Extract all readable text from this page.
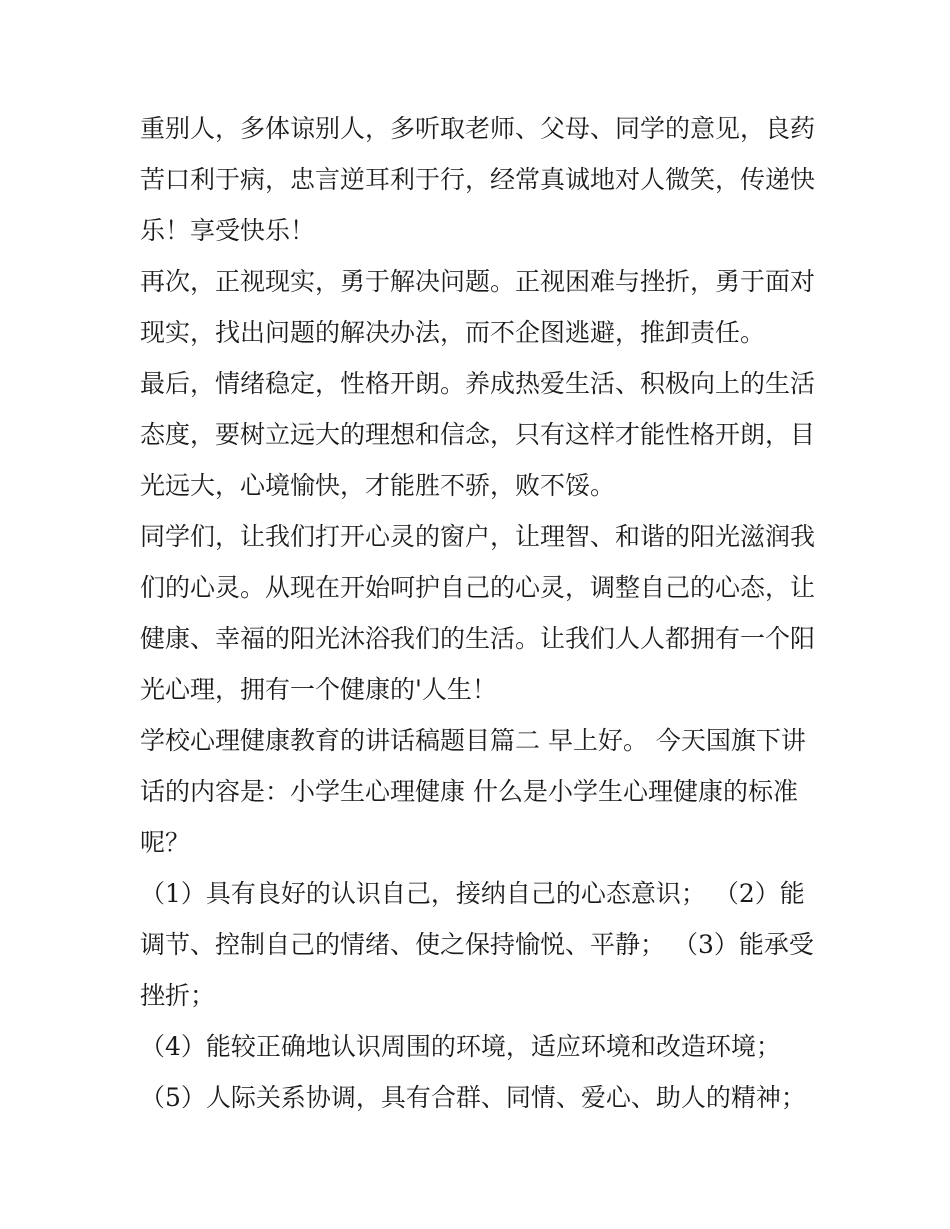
重别人，多体谅别人，多听取老师、父母、同学的意见，良药
苦口利于病，忠言逆耳利于行，经常真诚地对人微笑，传递快
乐！享受快乐！
再次，正视现实，勇于解决问题。正视困难与挫折，勇于面对
现实，找出问题的解决办法，而不企图逃避，推卸责任。
最后，情绪稳定，性格开朗。养成热爱生活、积极向上的生活
态度，要树立远大的理想和信念，只有这样才能性格开朗，目
光远大，心境愉快，才能胜不骄，败不馁。
同学们，让我们打开心灵的窗户，让理智、和谐的阳光滋润我
们的心灵。从现在开始呵护自己的心灵，调整自己的心态，让
健康、幸福的阳光沐浴我们的生活。让我们人人都拥有一个阳
光心理，拥有一个健康的'人生！
学校心理健康教育的讲话稿题目篇二 早上好。 今天国旗下讲
话的内容是：小学生心理健康 什么是小学生心理健康的标准
呢？
（1）具有良好的认识自己，接纳自己的心态意识； （2）能
调节、控制自己的情绪、使之保持愉悦、平静； （3）能承受
挫折；
（4）能较正确地认识周围的环境，适应环境和改造环境；
（5）人际关系协调，具有合群、同情、爱心、助人的精神；
